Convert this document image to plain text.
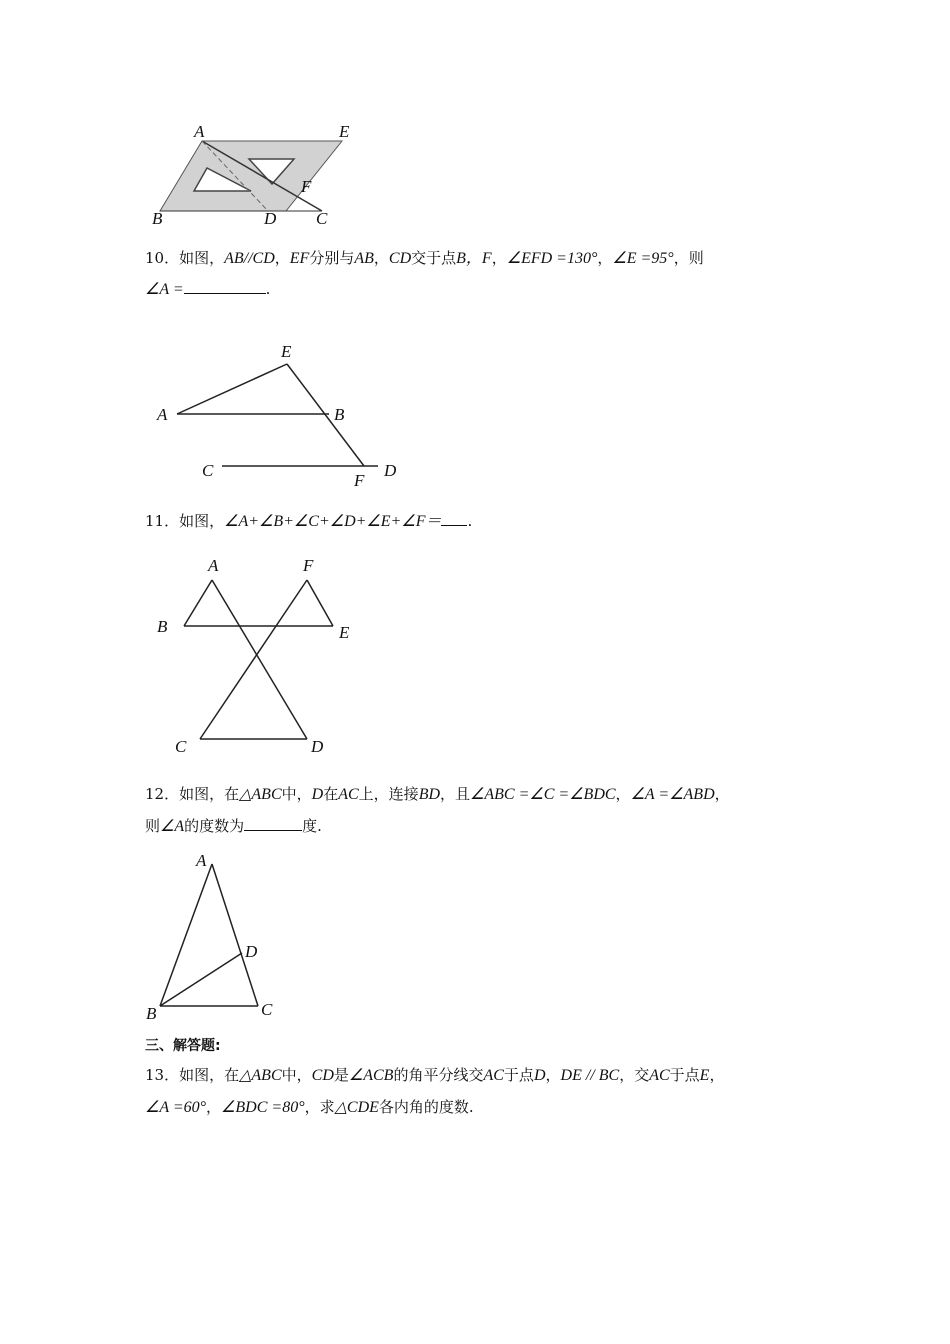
A	E
F
B	D C
E
A	B
C
F
D
A	F
B	E
C	D
A
D
B	C
10．如图，AB//CD，EF分别与AB，CD交于点B，F，∠EFD =130°，∠E =95°，则
∠A =	.
11．如图，∠A+∠B+∠C+∠D+∠E+∠F＝ .
12．如图，在△ABC中，D在AC上，连接BD，且∠ABC =∠C =∠BDC，∠A =∠ABD，
则∠A的度数为	度.
三、解答题:
13．如图，在△ABC中，CD是∠ACB的角平分线交AC于点D，DE // BC，交AC于点E，
∠A =60°，∠BDC =80°，求△CDE各内角的度数.
